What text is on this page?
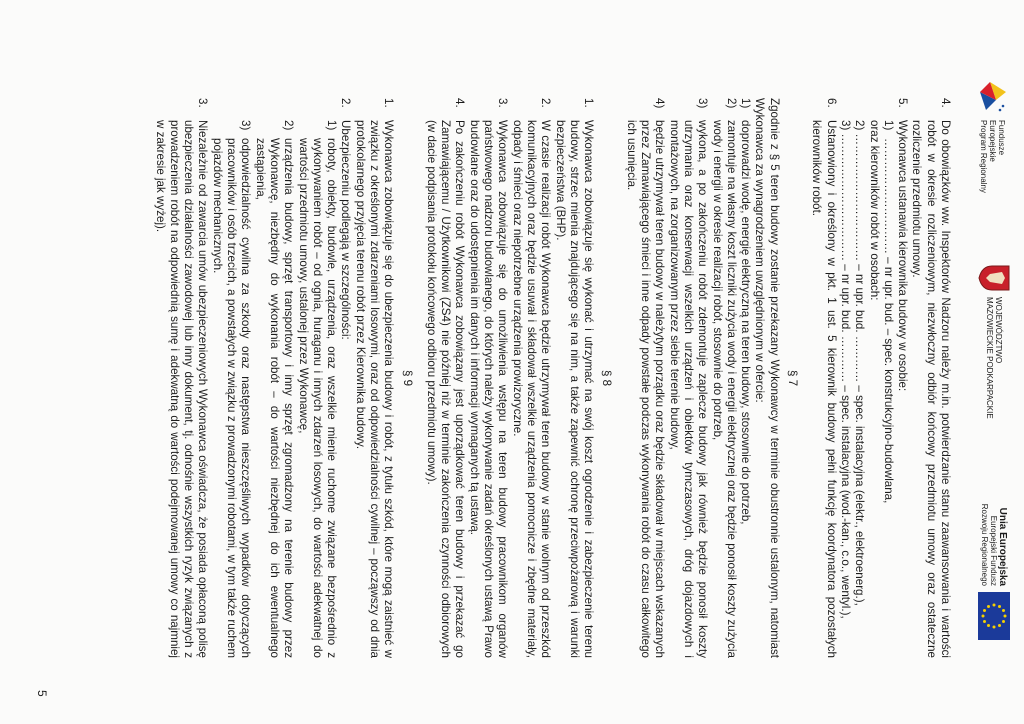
Fundusze
Europejskie
Program Regionalny
WOJEWÓDZTWO
MAZOWIECKIE PODKARPACKIE
Unia Europejska
Europejski Fundusz
Rozwoju Regionalnego
4.
Do obowiązków ww. Inspektorów Nadzoru należy m.in. potwierdzanie stanu zaawansowania i wartości robót w okresie rozliczeniowym, niezwłoczny odbiór końcowy przedmiotu umowy oraz ostateczne rozliczenie przedmiotu umowy.
5.
Wykonawca ustanawia kierownika budowy w osobie:
1)
………………………… – nr upr. bud. – spec. konstrukcyjno-budowlana,

oraz kierowników robót w osobach:

2) …………………………… – nr upr. bud. ………… – spec. instalacyjna (elektr., elektroenerg.),

3) …………………………… – nr upr. bud. ………… – spec. instalacyjna (wod.-kan., c.o., wentyl.),

6.
Ustanowiony i określony w pkt. 1 ust. 5 kierownik budowy pełni funkcję koordynatora pozostałych kierowników robót.

§ 7

Zgodnie z § 5 teren budowy zostanie przekazany Wykonawcy w terminie obustronnie ustalonym, natomiast Wykonawca za wynagrodzeniem uwzględnionym w ofercie:

1)
doprowadzi wodę, energię elektryczną na teren budowy, stosownie do potrzeb,
2)
zamontuje na własny koszt liczniki zużycia wody i energii elektrycznej oraz będzie ponosił koszty zużycia wody i energii w okresie realizacji robót, stosownie do potrzeb,
3)
wykona, a po zakończeniu robót zdemontuje zaplecze budowy jak również będzie ponosił koszty utrzymania oraz konserwacji wszelkich urządzeń i obiektów tymczasowych, dróg dojazdowych i montażowych, na zorganizowanym przez siebie terenie budowy,
4)
będzie utrzymywał teren budowy w należytym porządku oraz będzie składował w miejscach wskazanych przez Zamawiającego śmieci i inne odpady powstałe podczas wykonywania robót do czasu całkowitego ich usunięcia.

§ 8

1.
Wykonawca zobowiązuje się wykonać i utrzymać na swój koszt ogrodzenie i zabezpieczenie terenu budowy, strzec mienia znajdującego się na nim, a także zapewnić ochronę przeciwpożarową i warunki bezpieczeństwa (BHP).
2.
W czasie realizacji robót Wykonawca będzie utrzymywał teren budowy w stanie wolnym od przeszkód komunikacyjnych oraz będzie usuwał i składował wszelkie urządzenia pomocnicze i zbędne materiały, odpady i śmieci oraz niepotrzebne urządzenia prowizoryczne.
3.
Wykonawca zobowiązuje się do umożliwienia wstępu na teren budowy pracownikom organów państwowego nadzoru budowlanego, do których należy wykonywanie zadań określonych ustawą Prawo budowlane oraz do udostępnienia im danych i informacji wymaganych tą ustawą.
4.
Po zakończeniu robót Wykonawca zobowiązany jest uporządkować teren budowy i przekazać go Zamawiającemu / Użytkownikowi (ZS4) nie później niż w terminie zakończenia czynności odbiorowych (w dacie podpisania protokołu końcowego odbioru przedmiotu umowy).

§ 9

1.
Wykonawca zobowiązuje się do ubezpieczenia budowy i robót, z tytułu szkód, które mogą zaistnieć w związku z określonymi zdarzeniami losowymi, oraz od odpowiedzialności cywilnej – począwszy od dnia protokolarnego przyjęcia terenu robót przez Kierownika budowy.
2.
Ubezpieczeniu podlegają w szczególności:
1)
roboty, obiekty, budowle, urządzenia, oraz wszelkie mienie ruchome związane bezpośrednio z wykonywaniem robót – od ognia, huraganu i innych zdarzeń losowych, do wartości adekwatnej do wartości przedmiotu umowy, ustalonej przez Wykonawcę,
2)
urządzenia budowy, sprzęt transportowy i inny sprzęt zgromadzony na terenie budowy przez Wykonawcę, niezbędny do wykonania robót – do wartości niezbędnej do ich ewentualnego zastąpienia,
3)
odpowiedzialność cywilna za szkody oraz następstwa nieszczęśliwych wypadków dotyczących pracowników i osób trzecich, a powstałych w związku z prowadzonymi robotami, w tym także ruchem pojazdów mechanicznych.
3.
Niezależnie od zawarcia umów ubezpieczeniowych Wykonawca oświadcza, że posiada opłaconą polisę ubezpieczenia działalności zawodowej lub inny dokument, tj. odnośnie wszystkich ryzyk związanych z prowadzeniem robót na odpowiednią sumę i adekwatną do wartości podejmowanej umowy co najmniej w zakresie jak wyżej).
5
